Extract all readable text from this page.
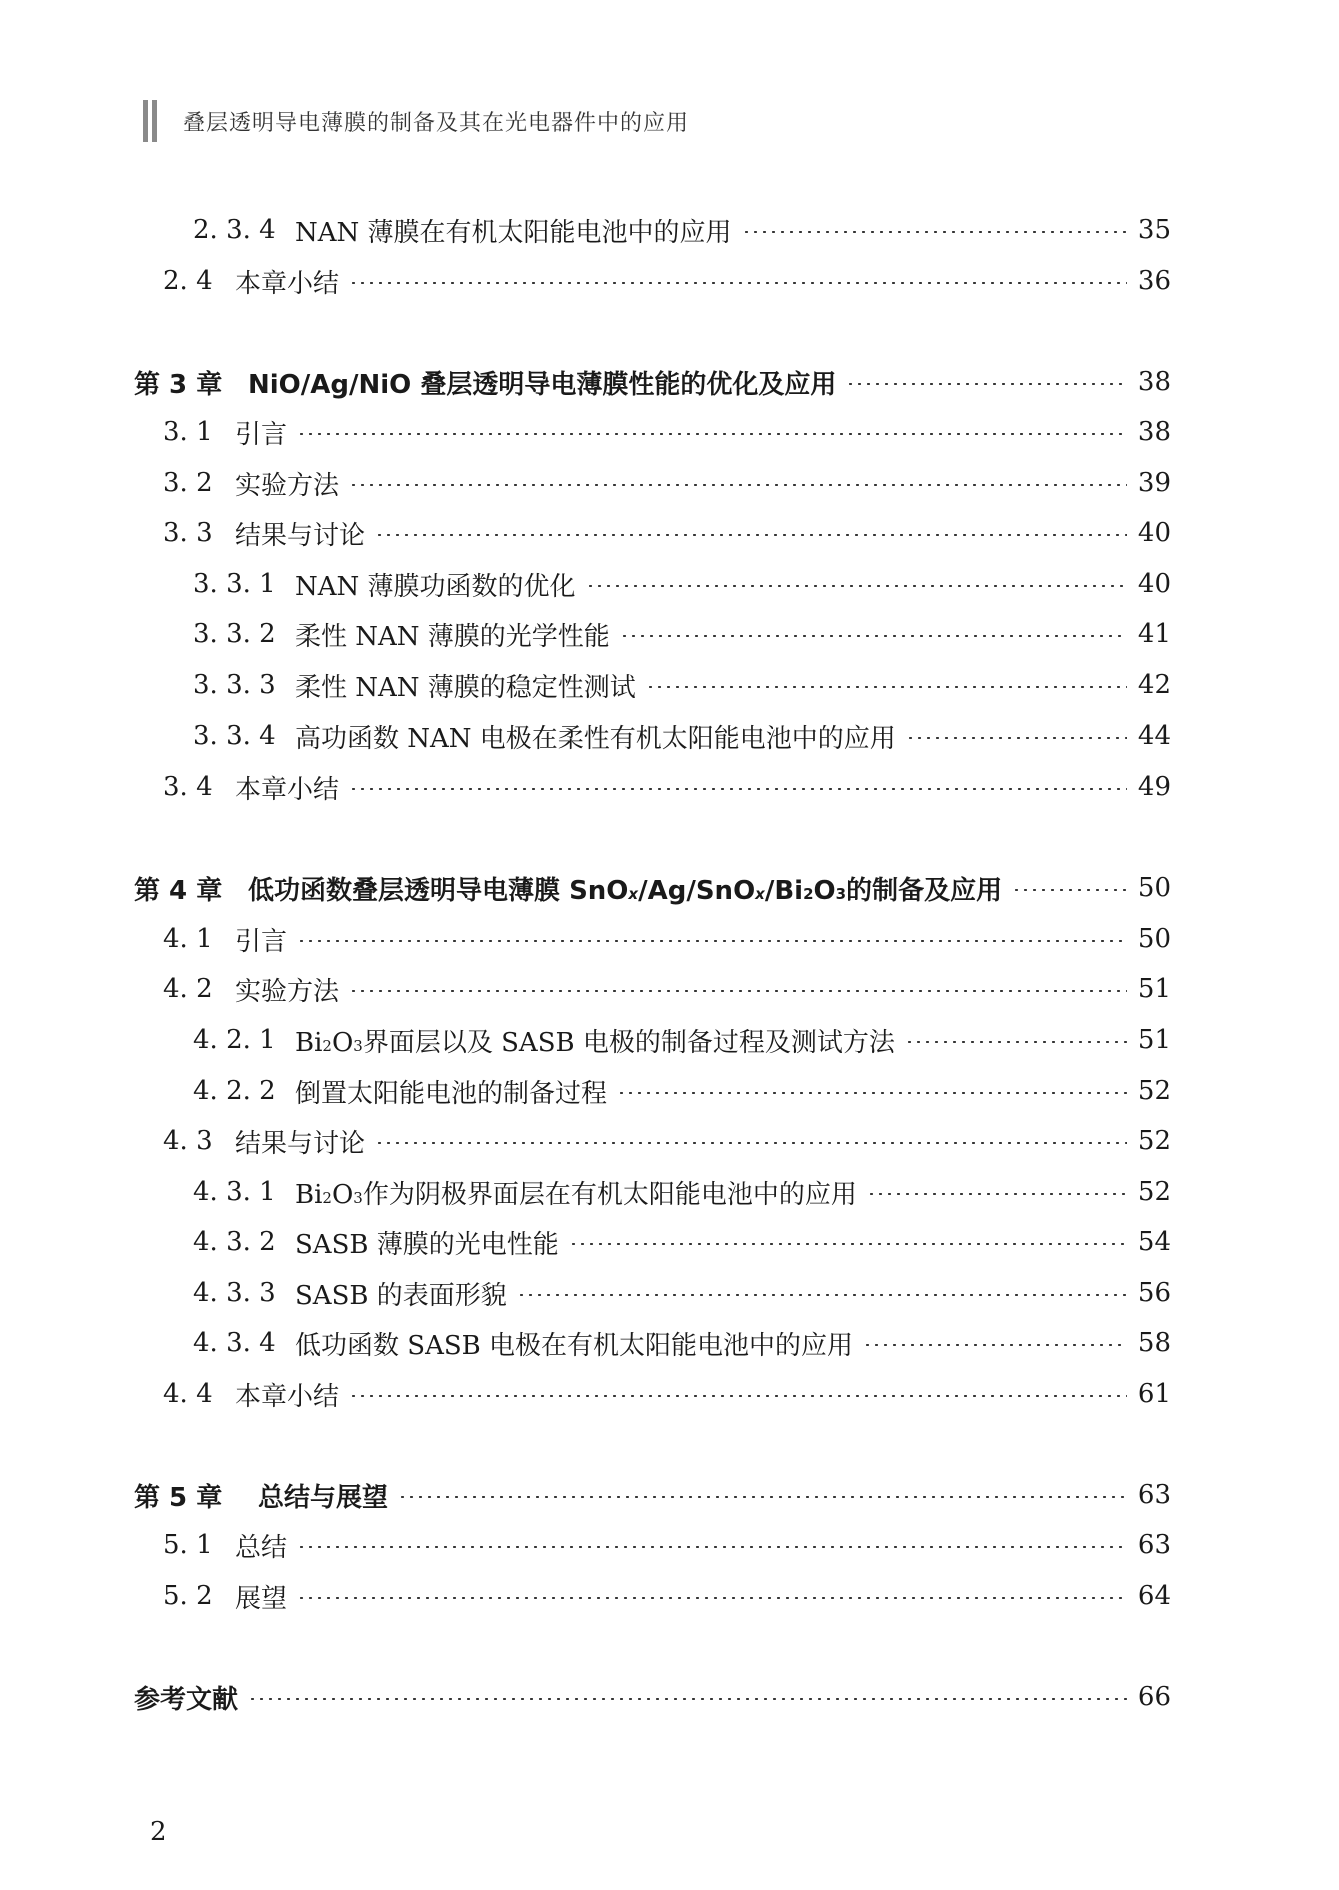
叠层透明导电薄膜的制备及其在光电器件中的应用
2. 3. 4 NAN 薄膜在有机太阳能电池中的应用	35
2. 4 本章小结	36
第 3 章 NiO/Ag/NiO 叠层透明导电薄膜性能的优化及应用	38
3. 1 引言	38
3. 2 实验方法	39
3. 3 结果与讨论	40
3. 3. 1 NAN 薄膜功函数的优化	40
3. 3. 2 柔性 NAN 薄膜的光学性能	41
3. 3. 3 柔性 NAN 薄膜的稳定性测试	42
3. 3. 4 高功函数 NAN 电极在柔性有机太阳能电池中的应用	44
3. 4 本章小结	49
第 4 章 低功函数叠层透明导电薄膜 SnO x /Ag/SnO x /Bi 2 O 3 的制备及应用	50
4. 1 引言	50
4. 2 实验方法	51
4. 2. 1 Bi 2 O 3 界面层以及 SASB 电极的制备过程及测试方法	51
4. 2. 2 倒置太阳能电池的制备过程	52
4. 3 结果与讨论	52
4. 3. 1 Bi 2 O 3 作为阴极界面层在有机太阳能电池中的应用	52
4. 3. 2 SASB 薄膜的光电性能	54
4. 3. 3 SASB 的表面形貌	56
4. 3. 4 低功函数 SASB 电极在有机太阳能电池中的应用	58
4. 4 本章小结	61
第 5 章 总结与展望	63
5. 1 总结	63
5. 2 展望	64
参考文献	66
2
